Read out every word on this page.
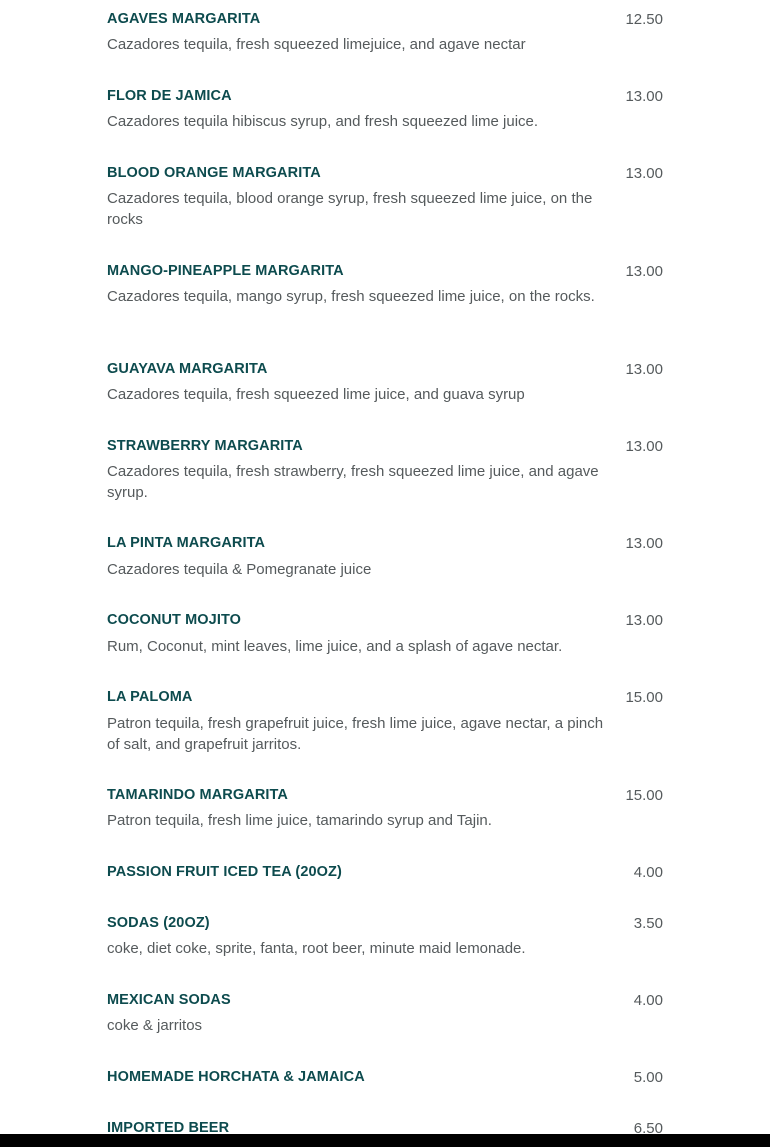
AGAVES MARGARITA	12.50
Cazadores tequila, fresh squeezed limejuice, and agave nectar
FLOR DE JAMICA	13.00
Cazadores tequila hibiscus syrup, and fresh squeezed lime juice.
BLOOD ORANGE MARGARITA	13.00
Cazadores tequila, blood orange syrup, fresh squeezed lime juice, on the rocks
MANGO-PINEAPPLE MARGARITA	13.00
Cazadores tequila, mango syrup, fresh squeezed lime juice, on the rocks.
GUAYAVA MARGARITA	13.00
Cazadores tequila, fresh squeezed lime juice, and guava syrup
STRAWBERRY MARGARITA	13.00
Cazadores tequila, fresh strawberry, fresh squeezed lime juice, and agave syrup.
LA PINTA MARGARITA	13.00
Cazadores tequila & Pomegranate juice
COCONUT MOJITO	13.00
Rum, Coconut, mint leaves, lime juice, and a splash of agave nectar.
LA PALOMA	15.00
Patron tequila, fresh grapefruit juice, fresh lime juice, agave nectar, a pinch of salt, and grapefruit jarritos.
TAMARINDO MARGARITA	15.00
Patron tequila, fresh lime juice, tamarindo syrup and Tajin.
PASSION FRUIT ICED TEA (20OZ)	4.00
SODAS (20OZ)	3.50
coke, diet coke, sprite, fanta, root beer, minute maid lemonade.
MEXICAN SODAS	4.00
coke & jarritos
HOMEMADE HORCHATA & JAMAICA	5.00
IMPORTED BEER	6.50
